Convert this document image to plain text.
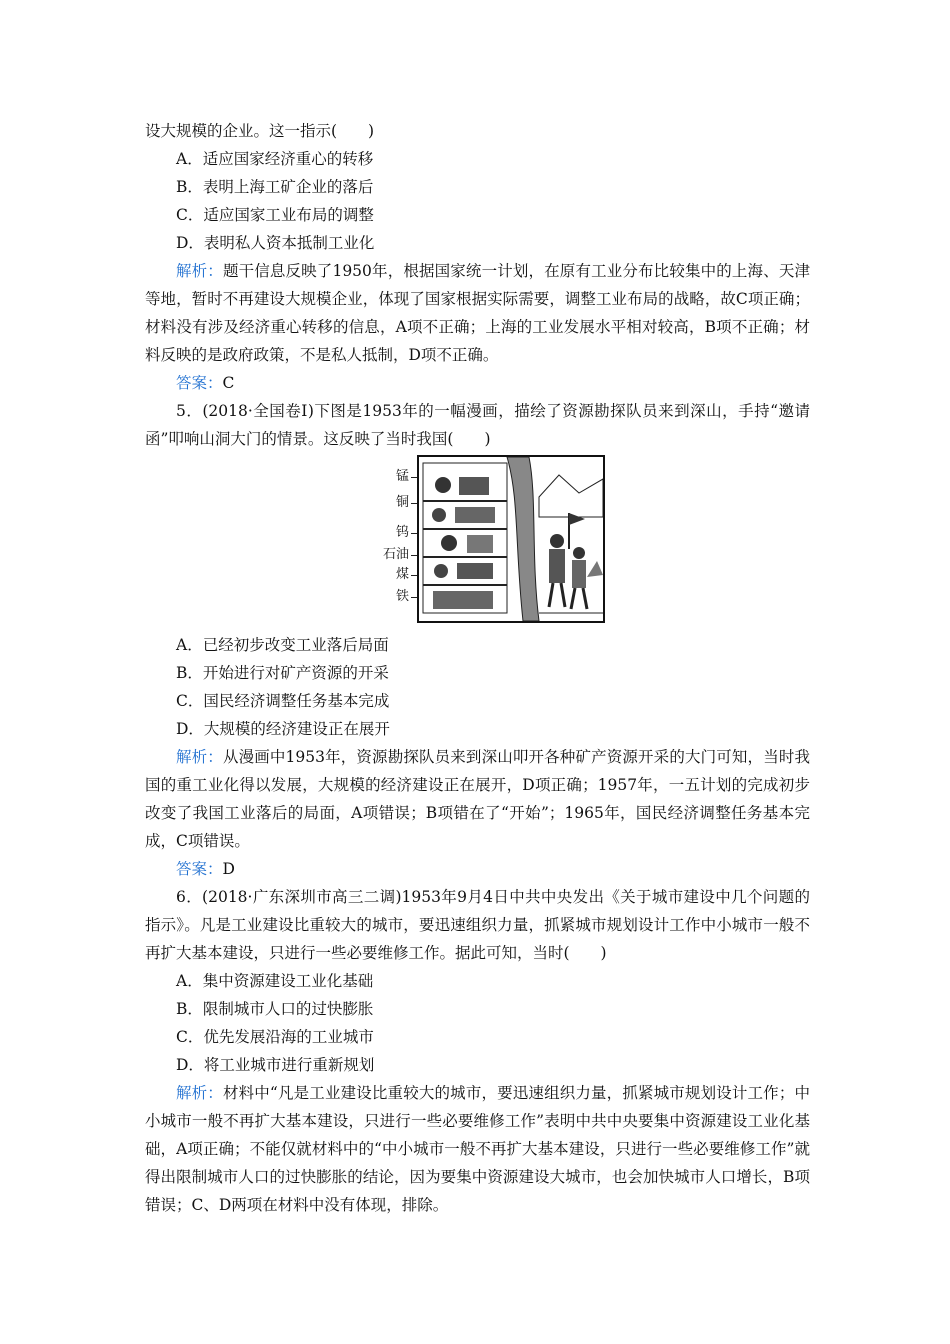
设大规模的企业。这一指示(　　)
A．适应国家经济重心的转移
B．表明上海工矿企业的落后
C．适应国家工业布局的调整
D．表明私人资本抵制工业化
解析：题干信息反映了1950年，根据国家统一计划，在原有工业分布比较集中的上海、天津等地，暂时不再建设大规模企业，体现了国家根据实际需要，调整工业布局的战略，故C项正确；材料没有涉及经济重心转移的信息，A项不正确；上海的工业发展水平相对较高，B项不正确；材料反映的是政府政策，不是私人抵制，D项不正确。
答案：C
5．(2018·全国卷Ⅰ)下图是1953年的一幅漫画，描绘了资源勘探队员来到深山，手持“邀请函”叩响山洞大门的情景。这反映了当时我国(　　)
锰
铜
钨
石油
煤
铁
A．已经初步改变工业落后局面
B．开始进行对矿产资源的开采
C．国民经济调整任务基本完成
D．大规模的经济建设正在展开
解析：从漫画中1953年，资源勘探队员来到深山叩开各种矿产资源开采的大门可知，当时我国的重工业化得以发展，大规模的经济建设正在展开，D项正确；1957年，一五计划的完成初步改变了我国工业落后的局面，A项错误；B项错在了“开始”；1965年，国民经济调整任务基本完成，C项错误。
答案：D
6．(2018·广东深圳市高三二调)1953年9月4日中共中央发出《关于城市建设中几个问题的指示》。凡是工业建设比重较大的城市，要迅速组织力量，抓紧城市规划设计工作中小城市一般不再扩大基本建设，只进行一些必要维修工作。据此可知，当时(　　)
A．集中资源建设工业化基础
B．限制城市人口的过快膨胀
C．优先发展沿海的工业城市
D．将工业城市进行重新规划
解析：材料中“凡是工业建设比重较大的城市，要迅速组织力量，抓紧城市规划设计工作；中小城市一般不再扩大基本建设，只进行一些必要维修工作”表明中共中央要集中资源建设工业化基础，A项正确；不能仅就材料中的“中小城市一般不再扩大基本建设，只进行一些必要维修工作”就得出限制城市人口的过快膨胀的结论，因为要集中资源建设大城市，也会加快城市人口增长，B项错误；C、D两项在材料中没有体现，排除。
